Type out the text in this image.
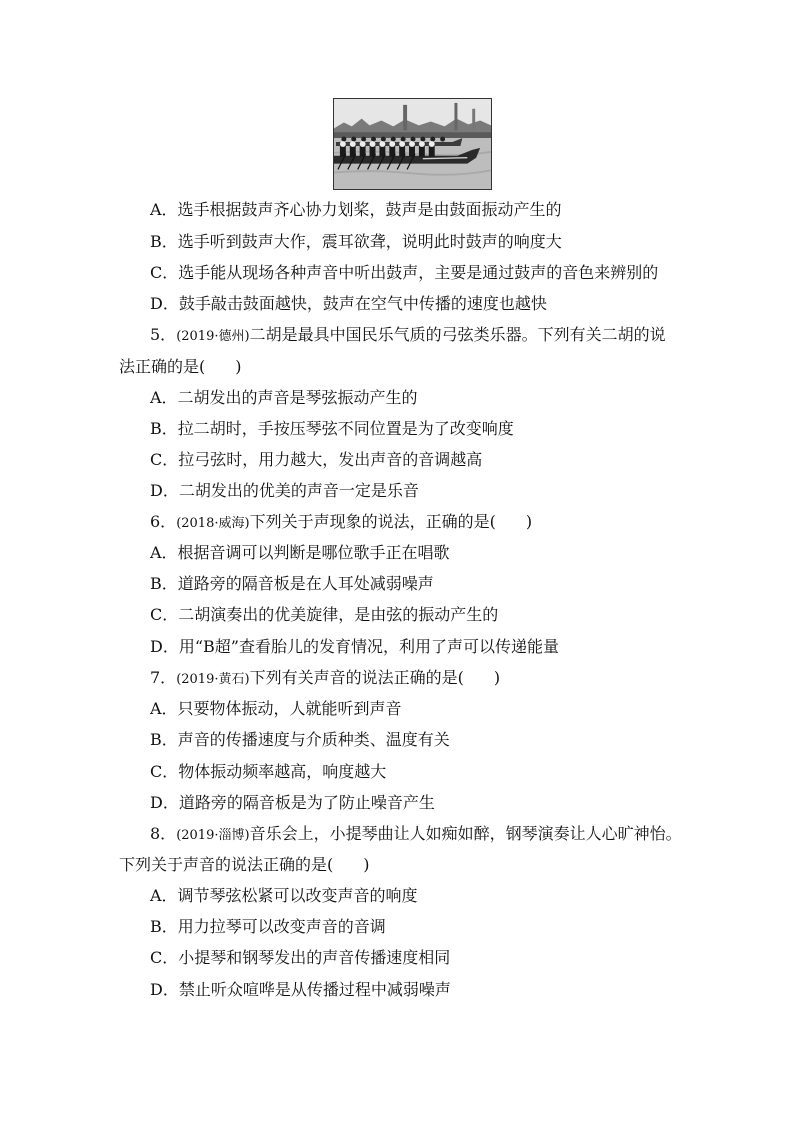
A．选手根据鼓声齐心协力划桨，鼓声是由鼓面振动产生的
B．选手听到鼓声大作，震耳欲聋，说明此时鼓声的响度大
C．选手能从现场各种声音中听出鼓声，主要是通过鼓声的音色来辨别的
D．鼓手敲击鼓面越快，鼓声在空气中传播的速度也越快
5．(2019·德州)二胡是最具中国民乐气质的弓弦类乐器。下列有关二胡的说
法正确的是( )
A．二胡发出的声音是琴弦振动产生的
B．拉二胡时，手按压琴弦不同位置是为了改变响度
C．拉弓弦时，用力越大，发出声音的音调越高
D．二胡发出的优美的声音一定是乐音
6．(2018·威海)下列关于声现象的说法，正确的是( )
A．根据音调可以判断是哪位歌手正在唱歌
B．道路旁的隔音板是在人耳处减弱噪声
C．二胡演奏出的优美旋律，是由弦的振动产生的
D．用“B超”查看胎儿的发育情况，利用了声可以传递能量
7．(2019·黄石)下列有关声音的说法正确的是( )
A．只要物体振动，人就能听到声音
B．声音的传播速度与介质种类、温度有关
C．物体振动频率越高，响度越大
D．道路旁的隔音板是为了防止噪音产生
8．(2019·淄博)音乐会上，小提琴曲让人如痴如醉，钢琴演奏让人心旷神怡。
下列关于声音的说法正确的是( )
A．调节琴弦松紧可以改变声音的响度
B．用力拉琴可以改变声音的音调
C．小提琴和钢琴发出的声音传播速度相同
D．禁止听众喧哗是从传播过程中减弱噪声
